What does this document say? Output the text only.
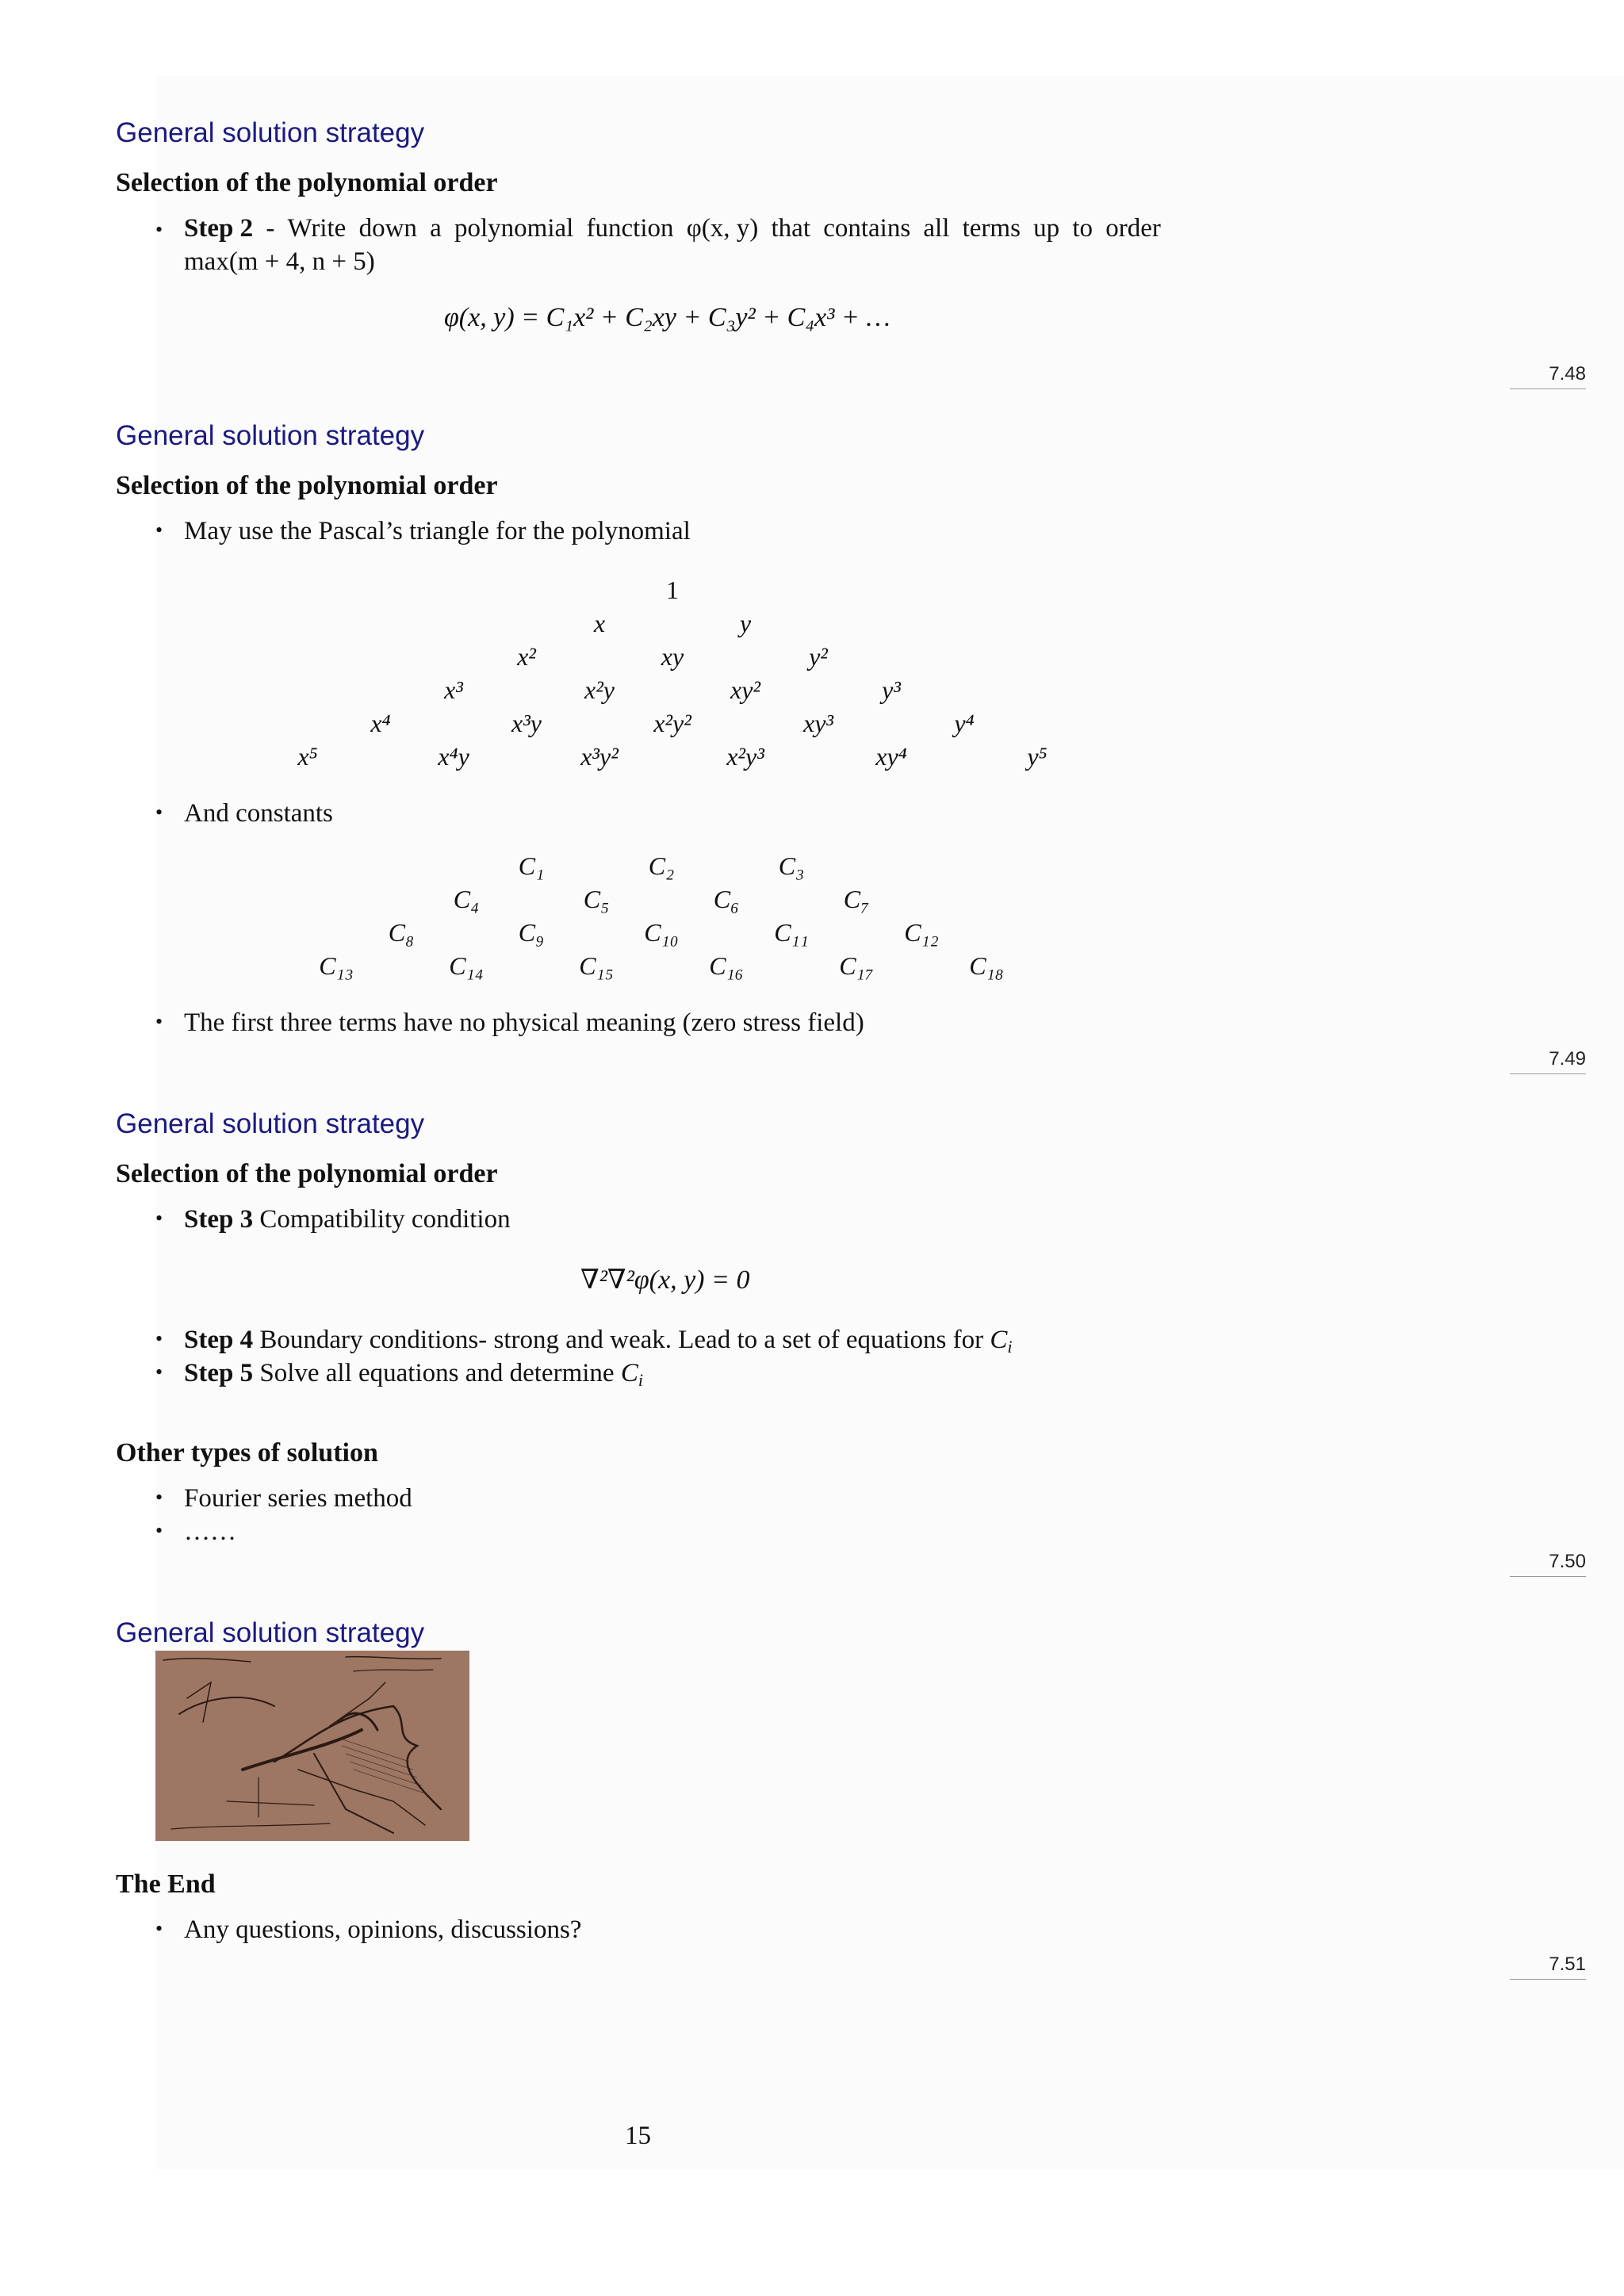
General solution strategy
Selection of the polynomial order
• Step 2 - Write down a polynomial function φ(x, y) that contains all terms up to order
max(m + 4, n + 5)
φ(x, y) = C₁x² + C₂xy + C₃y² + C₄x³ + …
7.48
General solution strategy
Selection of the polynomial order
• May use the Pascal’s triangle for the polynomial
1
x	y
x²	xy	y²
x³	x²y	xy²	y³
x⁴	x³y	x²y²	xy³	y⁴
x⁵	x⁴y	x³y²	x²y³	xy⁴	y⁵
• And constants
C₁	C₂	C₃
C₄	C₅	C₆	C₇
C₈	C₉	C₁₀	C₁₁	C₁₂
C₁₃	C₁₄	C₁₅	C₁₆	C₁₇	C₁₈
• The first three terms have no physical meaning (zero stress field)
7.49
General solution strategy
Selection of the polynomial order
• Step 3 Compatibility condition
∇²∇²φ(x, y) = 0
• Step 4 Boundary conditions- strong and weak. Lead to a set of equations for $C_i$
• Step 5 Solve all equations and determine $C_i$
Other types of solution
• Fourier series method
• ……
7.50
General solution strategy
The End
• Any questions, opinions, discussions?
7.51
15
